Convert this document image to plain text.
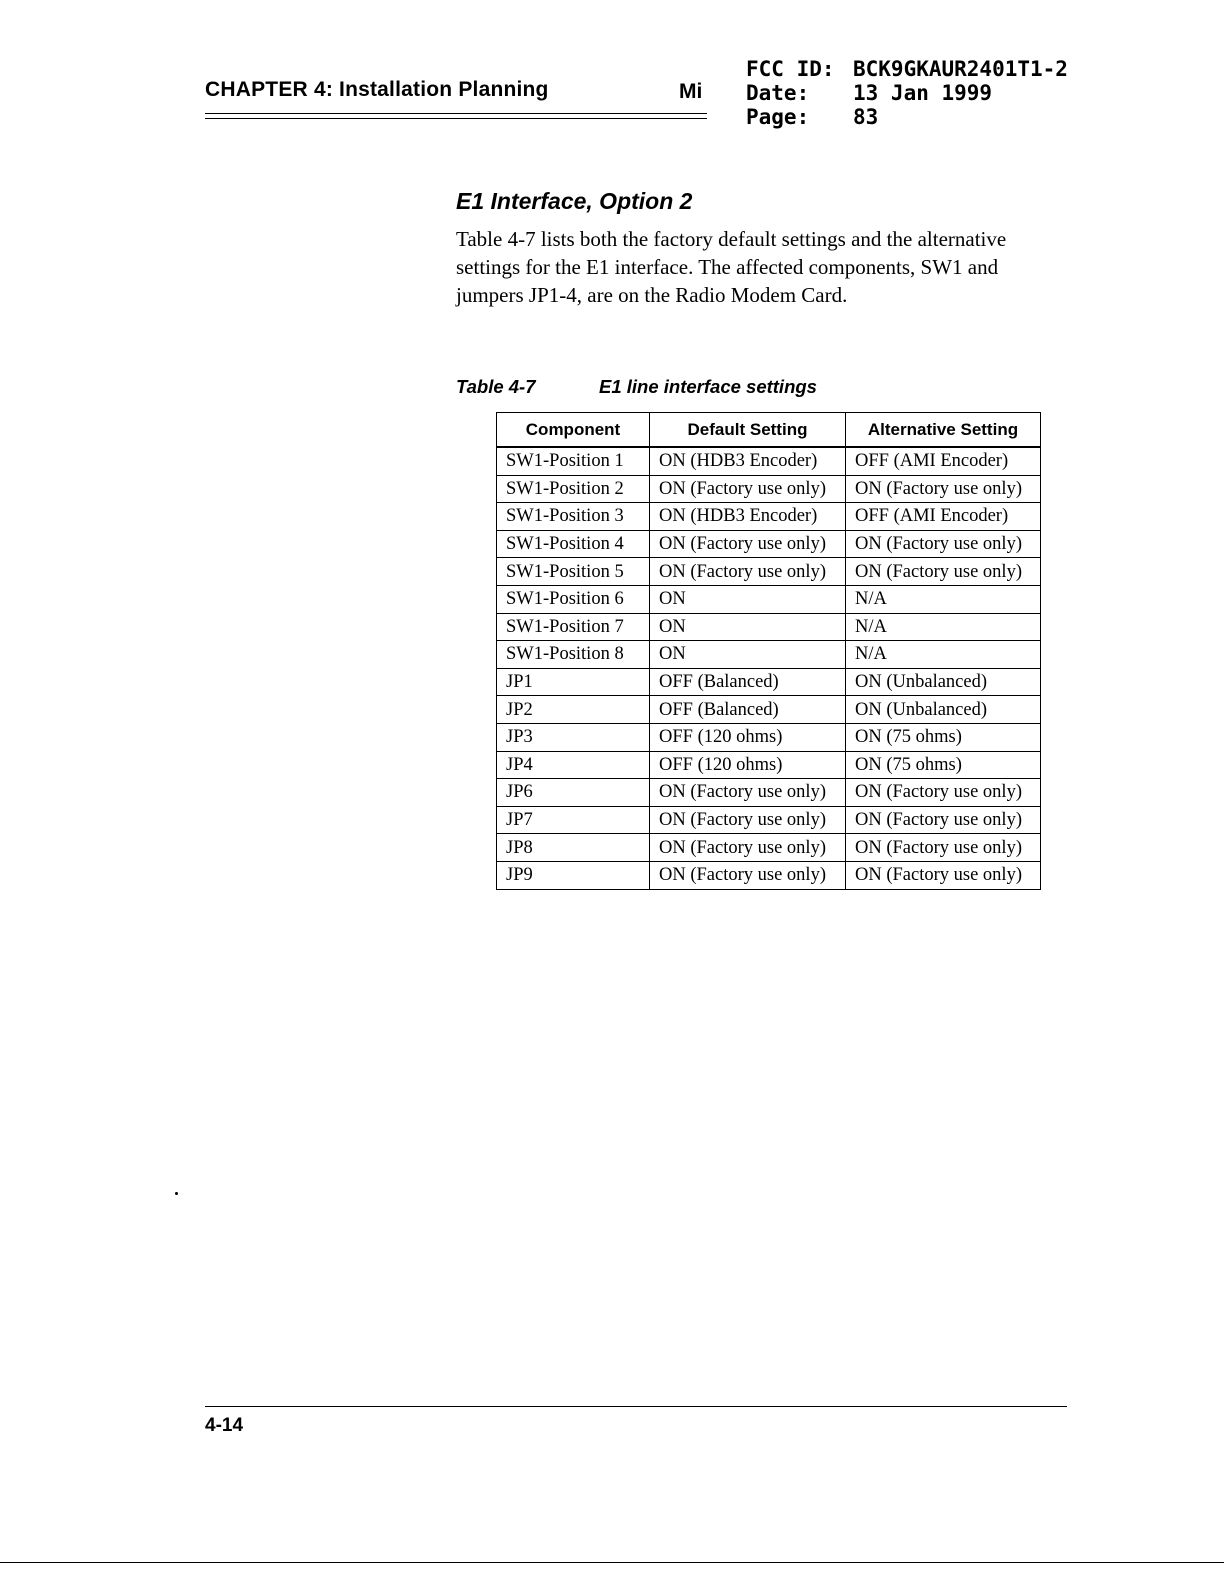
CHAPTER 4: Installation Planning	Mi
FCC ID: BCK9GKAUR2401T1-2
Date:	13 Jan 1999
Page:	83
E1 Interface, Option 2

Table 4-7 lists both the factory default settings and the alternative settings for the E1 interface. The affected components, SW1 and jumpers JP1-4, are on the Radio Modem Card.

Table 4-7	E1 line interface settings
Component	Default Setting	Alternative Setting
SW1-Position 1	ON (HDB3 Encoder)	OFF (AMI Encoder)
SW1-Position 2	ON (Factory use only)	ON (Factory use only)
SW1-Position 3	ON (HDB3 Encoder)	OFF (AMI Encoder)
SW1-Position 4	ON (Factory use only)	ON (Factory use only)
SW1-Position 5	ON (Factory use only)	ON (Factory use only)
SW1-Position 6	ON	N/A
SW1-Position 7	ON	N/A
SW1-Position 8	ON	N/A
JP1	OFF (Balanced)	ON (Unbalanced)
JP2	OFF (Balanced)	ON (Unbalanced)
JP3	OFF (120 ohms)	ON (75 ohms)
JP4	OFF (120 ohms)	ON (75 ohms)
JP6	ON (Factory use only)	ON (Factory use only)
JP7	ON (Factory use only)	ON (Factory use only)
JP8	ON (Factory use only)	ON (Factory use only)
JP9	ON (Factory use only)	ON (Factory use only)
4-14
